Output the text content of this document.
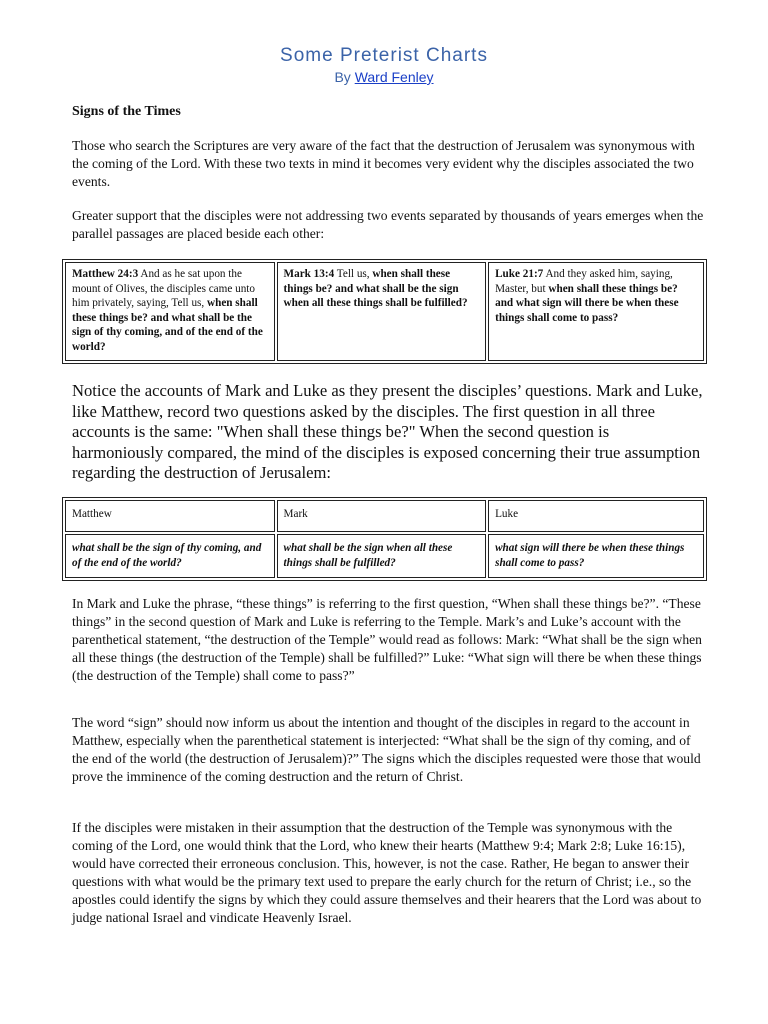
Some Preterist Charts
By Ward Fenley
Signs of the Times

Those who search the Scriptures are very aware of the fact that the destruction of Jerusalem was synonymous with the coming of the Lord. With these two texts in mind it becomes very evident why the disciples associated the two events.

Greater support that the disciples were not addressing two events separated by thousands of years emerges when the parallel passages are placed beside each other:

Matthew 24:3 And as he sat upon the mount of Olives, the disciples came unto him privately, saying, Tell us, when shall these things be? and what shall be the sign of thy coming, and of the end of the world?	Mark 13:4 Tell us, when shall these things be? and what shall be the sign when all these things shall be fulfilled?	Luke 21:7 And they asked him, saying, Master, but when shall these things be? and what sign will there be when these things shall come to pass?

Notice the accounts of Mark and Luke as they present the disciples’ questions. Mark and Luke, like Matthew, record two questions asked by the disciples. The first question in all three accounts is the same: "When shall these things be?" When the second question is harmoniously compared, the mind of the disciples is exposed concerning their true assumption regarding the destruction of Jerusalem:

Matthew	Mark	Luke
what shall be the sign of thy coming, and of the end of the world?	what shall be the sign when all these things shall be fulfilled?	what sign will there be when these things shall come to pass?

In Mark and Luke the phrase, “these things” is referring to the first question, “When shall these things be?”. “These things” in the second question of Mark and Luke is referring to the Temple. Mark’s and Luke’s account with the parenthetical statement, “the destruction of the Temple” would read as follows: Mark: “What shall be the sign when all these things (the destruction of the Temple) shall be fulfilled?” Luke: “What sign will there be when these things (the destruction of the Temple) shall come to pass?”

The word “sign” should now inform us about the intention and thought of the disciples in regard to the account in Matthew, especially when the parenthetical statement is interjected: “What shall be the sign of thy coming, and of the end of the world (the destruction of Jerusalem)?” The signs which the disciples requested were those that would prove the imminence of the coming destruction and the return of Christ.

If the disciples were mistaken in their assumption that the destruction of the Temple was synonymous with the coming of the Lord, one would think that the Lord, who knew their hearts (Matthew 9:4; Mark 2:8; Luke 16:15), would have corrected their erroneous conclusion. This, however, is not the case. Rather, He began to answer their questions with what would be the primary text used to prepare the early church for the return of Christ; i.e., so the apostles could identify the signs by which they could assure themselves and their hearers that the Lord was about to judge national Israel and vindicate Heavenly Israel.
